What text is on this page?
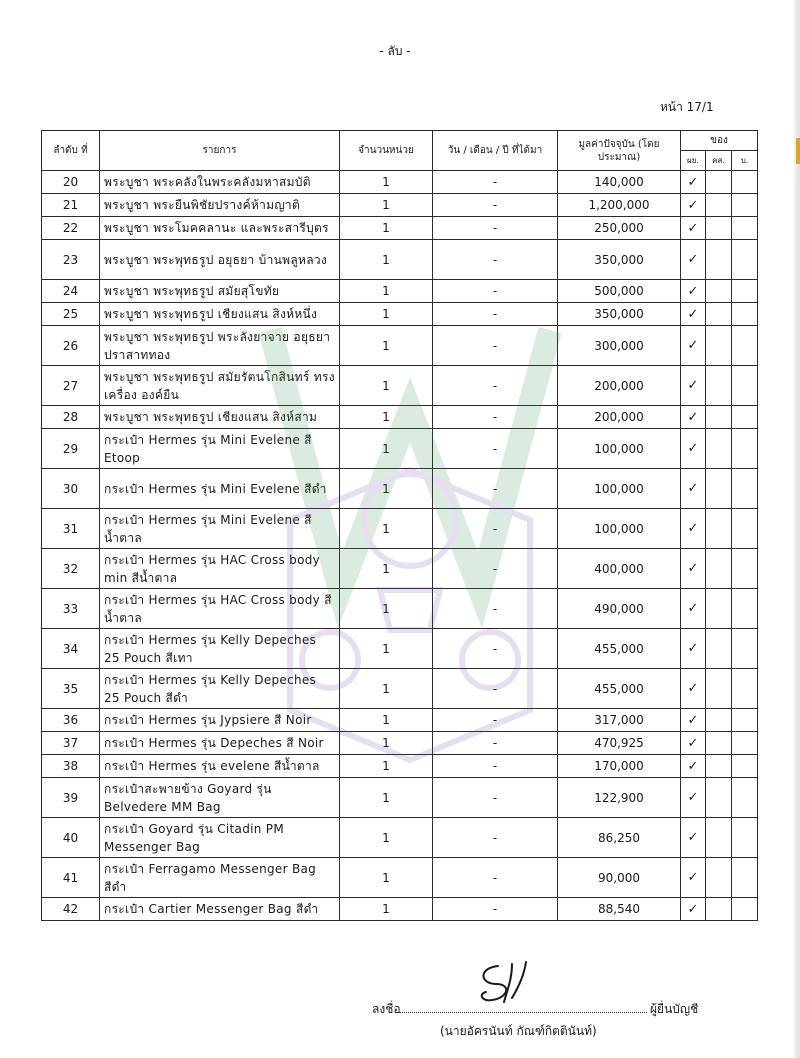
- ลับ -
หน้า 17/1
ลำดับ ที่	รายการ	จำนวนหน่วย	วัน / เดือน / ปี ที่ได้มา	มูลค่าปัจจุบัน (โดยประมาณ)	ของ		
					ผย.	คส.	บ.
20	พระบูชา พระคลังในพระคลังมหาสมบัติ	1	-	140,000	✓		
21	พระบูชา พระยืนพิชัยปรางค์ห้ามญาติ	1	-	1,200,000	✓		
22	พระบูชา พระโมคคลานะ และพระสารีบุตร	1	-	250,000	✓		
23	พระบูชา พระพุทธรูป อยุธยา บ้านพลูหลวง	1	-	350,000	✓		
24	พระบูชา พระพุทธรูป สมัยสุโขทัย	1	-	500,000	✓		
25	พระบูชา พระพุทธรูป เชียงแสน สิงห์หนึ่ง	1	-	350,000	✓		
26	พระบูชา พระพุทธรูป พระลังยาจาย อยุธยา ปราสาททอง	1	-	300,000	✓		
27	พระบูชา พระพุทธรูป สมัยรัตนโกสินทร์ ทรงเครื่อง องค์ยืน	1	-	200,000	✓		
28	พระบูชา พระพุทธรูป เชียงแสน สิงห์สาม	1	-	200,000	✓		
29	กระเป๋า Hermes รุ่น Mini Evelene สี Etoop	1	-	100,000	✓		
30	กระเป๋า Hermes รุ่น Mini Evelene สีดำ	1	-	100,000	✓		
31	กระเป๋า Hermes รุ่น Mini Evelene สีน้ำตาล	1	-	100,000	✓		
32	กระเป๋า Hermes รุ่น HAC Cross body min สีน้ำตาล	1	-	400,000	✓		
33	กระเป๋า Hermes รุ่น HAC Cross body สีน้ำตาล	1	-	490,000	✓		
34	กระเป๋า Hermes รุ่น Kelly Depeches 25 Pouch สีเทา	1	-	455,000	✓		
35	กระเป๋า Hermes รุ่น Kelly Depeches 25 Pouch สีดำ	1	-	455,000	✓		
36	กระเป๋า Hermes รุ่น Jypsiere สี Noir	1	-	317,000	✓		
37	กระเป๋า Hermes รุ่น Depeches สี Noir	1	-	470,925	✓		
38	กระเป๋า Hermes รุ่น evelene สีน้ำตาล	1	-	170,000	✓		
39	กระเป๋าสะพายข้าง Goyard รุ่น Belvedere MM Bag	1	-	122,900	✓		
40	กระเป๋า Goyard รุ่น Citadin PM Messenger Bag	1	-	86,250	✓		
41	กระเป๋า Ferragamo Messenger Bag สีดำ	1	-	90,000	✓		
42	กระเป๋า Cartier Messenger Bag สีดำ	1	-	88,540	✓		
ลงชื่อ	ผู้ยื่นบัญชี
(นายอัครนันท์ กัณฑ์กิตตินันท์)
